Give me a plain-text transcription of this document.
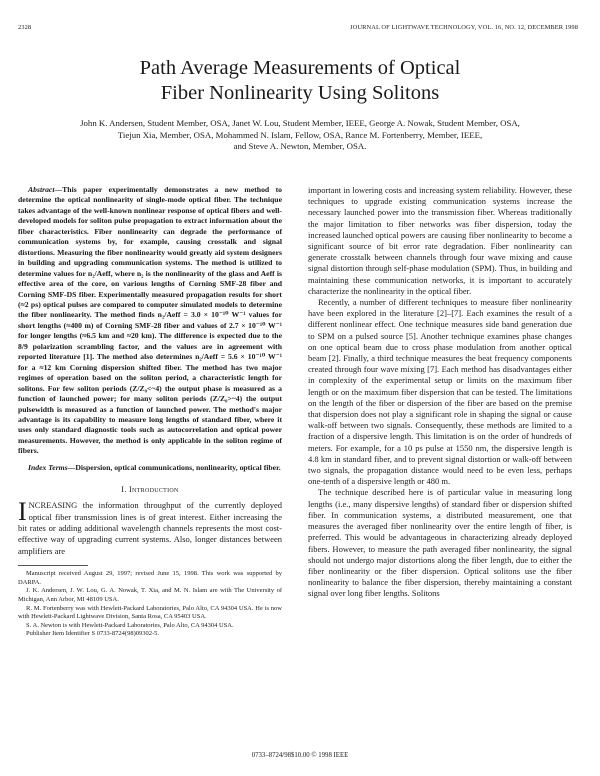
2328	JOURNAL OF LIGHTWAVE TECHNOLOGY, VOL. 16, NO. 12, DECEMBER 1998
Path Average Measurements of Optical
Fiber Nonlinearity Using Solitons
John K. Andersen, Student Member, OSA, Janet W. Lou, Student Member, IEEE, George A. Nowak, Student Member, OSA,
Tiejun Xia, Member, OSA, Mohammed N. Islam, Fellow, OSA, Rance M. Fortenberry, Member, IEEE,
and Steve A. Newton, Member, OSA.

Abstract—This paper experimentally demonstrates a new method to determine the optical nonlinearity of single-mode optical fiber. The technique takes advantage of the well-known nonlinear response of optical fibers and well-developed models for soliton pulse propagation to extract information about the fiber characteristics. Fiber nonlinearity can degrade the performance of communication systems by, for example, causing crosstalk and signal distortions. Measuring the fiber nonlinearity would greatly aid system designers in building and upgrading communication systems. The method is utilized to determine values for n₂/Aeff, where n₂ is the nonlinearity of the glass and Aeff is effective area of the core, on various lengths of Corning SMF-28 fiber and Corning SMF-DS fiber. Experimentally measured propagation results for short (≈2 ps) optical pulses are compared to computer simulated models to determine the fiber nonlinearity. The method finds n₂/Aeff = 3.0 × 10⁻¹⁰ W⁻¹ values for short lengths (≈400 m) of Corning SMF-28 fiber and values of 2.7 × 10⁻¹⁰ W⁻¹ for longer lengths (≈6.5 km and ≈20 km). The difference is expected due to the 8/9 polarization scrambling factor, and the values are in agreement with reported literature [1]. The method also determines n₂/Aeff = 5.6 × 10⁻¹⁰ W⁻¹ for a ≈12 km Corning dispersion shifted fiber. The method has two major regimes of operation based on the soliton period, a characteristic length for solitons. For few soliton periods (Z/Z₀<~4) the output phase is measured as a function of launched power; for many soliton periods (Z/Z₀>~4) the output pulsewidth is measured as a function of launched power. The method's major advantage is its capability to measure long lengths of standard fiber, where it uses only standard diagnostic tools such as autocorrelation and optical power measurements. However, the method is only applicable in the soliton regime of fibers.

Index Terms—Dispersion, optical communications, nonlinearity, optical fiber.

I. Introduction

INCREASING the information throughput of the currently deployed optical fiber transmission lines is of great interest. Either increasing the bit rates or adding additional wavelength channels represents the most cost-effective way of upgrading current systems. Also, longer distances between amplifiers are

Manuscript received August 29, 1997; revised June 15, 1998. This work was supported by DARPA.

J. K. Andersen, J. W. Lou, G. A. Nowak, T. Xia, and M. N. Islam are with The University of Michigan, Ann Arbor, MI 48109 USA.

R. M. Fortenberry was with Hewlett-Packard Laboratories, Palo Alto, CA 94304 USA. He is now with Hewlett-Packard Lightwave Division, Santa Rosa, CA 95403 USA.

S. A. Newton is with Hewlett-Packard Laboratories, Palo Alto, CA 94304 USA.

Publisher Item Identifier S 0733-8724(98)09302-5.

important in lowering costs and increasing system reliability. However, these techniques to upgrade existing communication systems increase the necessary launched power into the transmission fiber. Whereas traditionally the major limitation to fiber networks was fiber dispersion, today the increased launched optical powers are causing fiber nonlinearity to become a significant source of bit error rate degradation. Fiber nonlinearity can generate crosstalk between channels through four wave mixing and cause signal distortion through self-phase modulation (SPM). Thus, in building and maintaining these communication networks, it is important to accurately characterize the nonlinearity in the optical fiber.

Recently, a number of different techniques to measure fiber nonlinearity have been explored in the literature [2]–[7]. Each examines the result of a different nonlinear effect. One technique measures side band generation due to SPM on a pulsed source [5]. Another technique examines phase changes on one optical beam due to cross phase modulation from another optical beam [2]. Finally, a third technique measures the beat frequency components created through four wave mixing [7]. Each method has disadvantages either in complexity of the experimental setup or limits on the maximum fiber length or on the maximum fiber dispersion that can be tested. The limitations on the length of the fiber or dispersion of the fiber are based on the premise that dispersion does not play a significant role in shaping the signal or cause walk-off between two signals. Consequently, these methods are limited to a fraction of a dispersive length. This limitation is on the order of hundreds of meters. For example, for a 10 ps pulse at 1550 nm, the dispersive length is 4.8 km in standard fiber, and to prevent signal distortion or walk-off between two signals, the propagation distance would need to be even less, perhaps one-tenth of a dispersive length or 480 m.

The technique described here is of particular value in measuring long lengths (i.e., many dispersive lengths) of standard fiber or dispersion shifted fiber. In communication systems, a distributed measurement, one that measures the averaged fiber nonlinearity over the entire length of fiber, is preferred. This would be advantageous in characterizing already deployed fibers. However, to measure the path averaged fiber nonlinearity, the signal should not undergo major distortions along the fiber length, due to either the fiber nonlinearity or the fiber dispersion. Optical solitons use the fiber nonlinearity to balance the fiber dispersion, thereby maintaining a constant signal over long fiber lengths. Solitons

0733–8724/98$10.00 © 1998 IEEE
